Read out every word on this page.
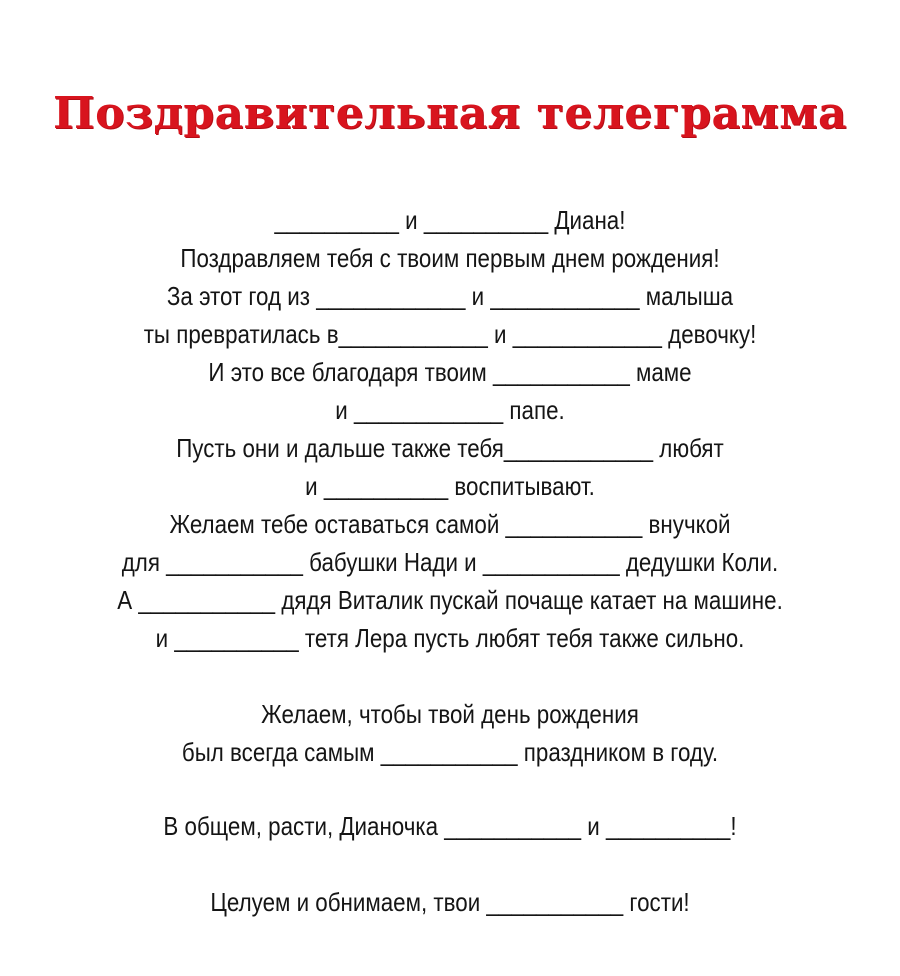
Поздравительная телеграмма
__________ и __________ Диана!
Поздравляем тебя с твоим первым днем рождения!
За этот год из ____________ и ____________ малыша
ты превратилась в____________ и ____________ девочку!
И это все благодаря твоим ___________ маме
и ____________ папе.
Пусть они и дальше также тебя____________ любят
и __________ воспитывают.
Желаем тебе оставаться самой ___________ внучкой
для ___________ бабушки Нади и ___________ дедушки Коли.
А ___________ дядя Виталик пускай почаще катает на машине.
и __________ тетя Лера пусть любят тебя также сильно.
Желаем, чтобы твой день рождения
был всегда самым ___________ праздником в году.
В общем, расти, Дианочка ___________ и __________!
Целуем и обнимаем, твои ___________ гости!
